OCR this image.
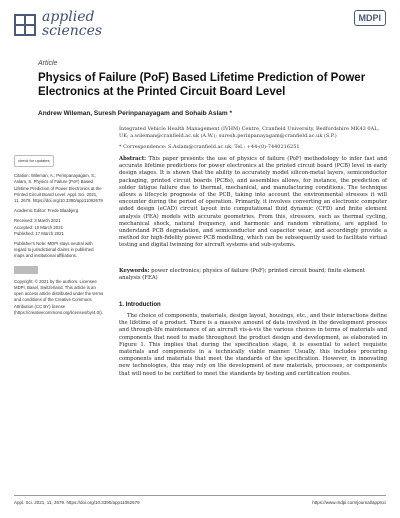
applied
sciences
MDPI
Article
Physics of Failure (PoF) Based Lifetime Prediction of Power Electronics at the Printed Circuit Board Level
Andrew Wileman, Suresh Perinpanayagam and Sohaib Aslam *
Integrated Vehicle Health Management (IVHM) Centre, Cranfield University, Bedfordshire MK43 0AL, UK; a.wileman@cranfield.ac.uk (A.W.); suresh.perinpanayagam@cranfield.ac.uk (S.P.)
* Correspondence: S.Aslam@cranfield.ac.uk; Tel.: +44-(0)-7440216251
Abstract: This paper presents the use of physics of failure (PoF) methodology to infer fast and accurate lifetime predictions for power electronics at the printed circuit board (PCB) level in early design stages. It is shown that the ability to accurately model silicon-metal layers, semiconductor packaging, printed circuit boards (PCBs), and assemblies allows, for instance, the prediction of solder fatigue failure due to thermal, mechanical, and manufacturing conditions. The technique allows a lifecycle prognosis of the PCB, taking into account the environmental stresses it will encounter during the period of operation. Primarily, it involves converting an electronic computer aided design (eCAD) circuit layout into computational fluid dynamic (CFD) and finite element analysis (FEA) models with accurate geometries. From this, stressors, such as thermal cycling, mechanical shock, natural frequency, and harmonic and random vibrations, are applied to understand PCB degradation, and semiconductor and capacitor wear, and accordingly provide a method for high-fidelity power PCB modelling, which can be subsequently used to facilitate virtual testing and digital twinning for aircraft systems and sub-systems.
Keywords: power electronics; physics of failure (PoF); printed circuit board; finite element analysis (FEA)
check for updates

Citation: Wileman, A.; Perinpanayagam, S.; Aslam, S. Physics of Failure (PoF) Based Lifetime Prediction of Power Electronics at the Printed Circuit Board Level. Appl. Sci. 2021, 11, 2679. https://doi.org/10.3390/app11062679

Academic Editor: Frede Blaabjerg

Received: 3 March 2021

Accepted: 10 March 2021

Published: 17 March 2021

Publisher's Note: MDPI stays neutral with regard to jurisdictional claims in published maps and institutional affiliations.

Copyright: © 2021 by the authors. Licensee MDPI, Basel, Switzerland. This article is an open access article distributed under the terms and conditions of the Creative Commons Attribution (CC BY) license (https://creativecommons.org/licenses/by/4.0/).

1. Introduction
The choice of components, materials, design layout, housings, etc., and their interactions define the lifetime of a product. There is a massive amount of data involved in the development process and through-life maintenance of an aircraft vis-à-vis the various choices in terms of materials and components that need to made throughout the product design and development, as elaborated in Figure 1. This implies that during the specification stage, it is essential to select requisite materials and components in a technically viable manner. Usually, this includes procuring components and materials that meet the standards of the specification. However, in innovating new technologies, this may rely on the development of new materials, processes, or components that will need to be certified to meet the standards by testing and certification routes.
Appl. Sci. 2021, 11, 2679. https://doi.org/10.3390/app11062679	https://www.mdpi.com/journal/applsci
